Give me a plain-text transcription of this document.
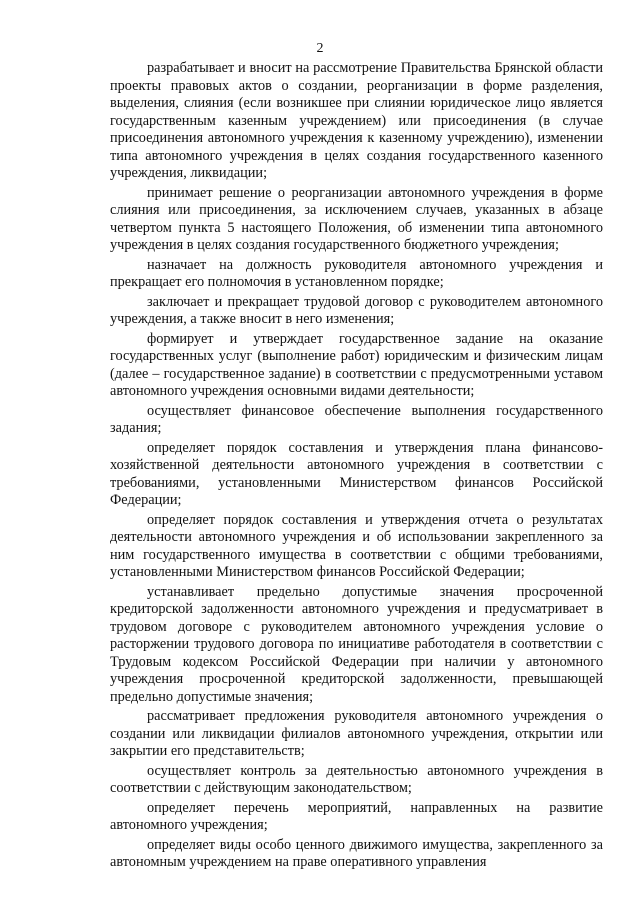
2

разрабатывает и вносит на рассмотрение Правительства Брянской области проекты правовых актов о создании, реорганизации в форме разделения, выделения, слияния (если возникшее при слиянии юридическое лицо является государственным казенным учреждением) или присоединения (в случае присоединения автономного учреждения к казенному учреждению), изменении типа автономного учреждения в целях создания государственного казенного учреждения, ликвидации;

принимает решение о реорганизации автономного учреждения в форме слияния или присоединения, за исключением случаев, указанных в абзаце четвертом пункта 5 настоящего Положения, об изменении типа автономного учреждения в целях создания государственного бюджетного учреждения;

назначает на должность руководителя автономного учреждения и прекращает его полномочия в установленном порядке;

заключает и прекращает трудовой договор с руководителем автономного учреждения, а также вносит в него изменения;

формирует и утверждает государственное задание на оказание государственных услуг (выполнение работ) юридическим и физическим лицам (далее – государственное задание) в соответствии с предусмотренными уставом автономного учреждения основными видами деятельности;

осуществляет финансовое обеспечение выполнения государственного задания;

определяет порядок составления и утверждения плана финансово-хозяйственной деятельности автономного учреждения в соответствии с требованиями, установленными Министерством финансов Российской Федерации;

определяет порядок составления и утверждения отчета о результатах деятельности автономного учреждения и об использовании закрепленного за ним государственного имущества в соответствии с общими требованиями, установленными Министерством финансов Российской Федерации;

устанавливает предельно допустимые значения просроченной кредиторской задолженности автономного учреждения и предусматривает в трудовом договоре с руководителем автономного учреждения условие о расторжении трудового договора по инициативе работодателя в соответствии с Трудовым кодексом Российской Федерации при наличии у автономного учреждения просроченной кредиторской задолженности, превышающей предельно допустимые значения;

рассматривает предложения руководителя автономного учреждения о создании или ликвидации филиалов автономного учреждения, открытии или закрытии его представительств;

осуществляет контроль за деятельностью автономного учреждения в соответствии с действующим законодательством;

определяет перечень мероприятий, направленных на развитие автономного учреждения;

определяет виды особо ценного движимого имущества, закрепленного за автономным учреждением на праве оперативного управления
